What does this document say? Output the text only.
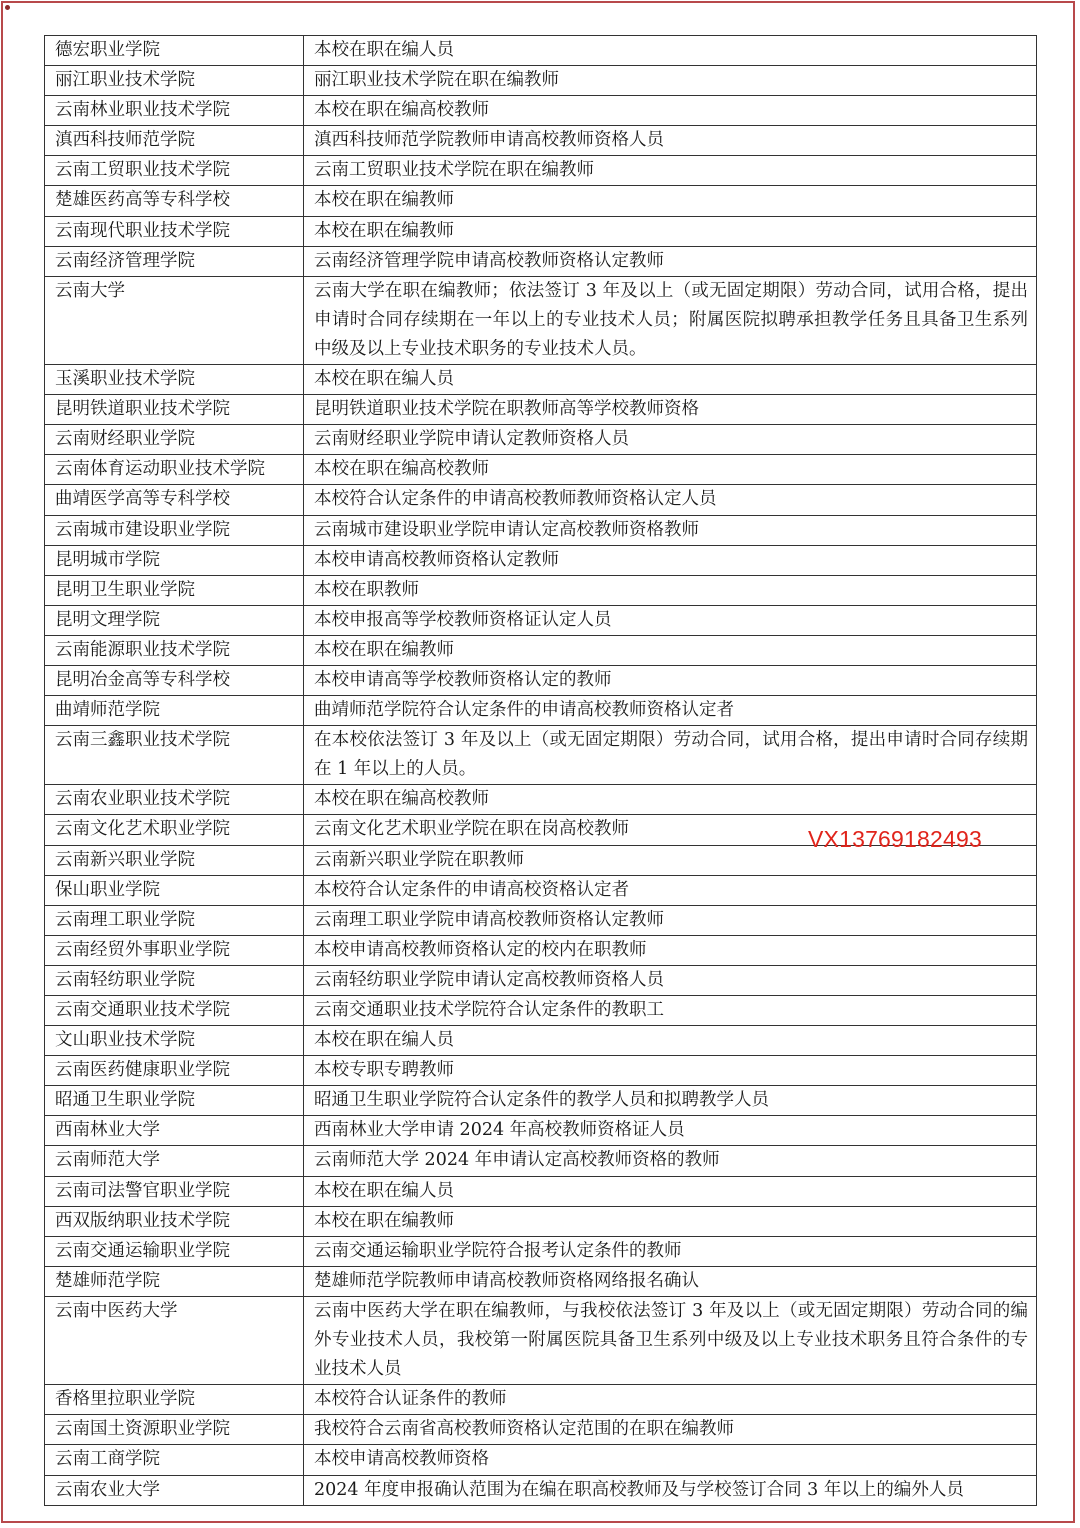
德宏职业学院	本校在职在编人员
丽江职业技术学院	丽江职业技术学院在职在编教师
云南林业职业技术学院	本校在职在编高校教师
滇西科技师范学院	滇西科技师范学院教师申请高校教师资格人员
云南工贸职业技术学院	云南工贸职业技术学院在职在编教师
楚雄医药高等专科学校	本校在职在编教师
云南现代职业技术学院	本校在职在编教师
云南经济管理学院	云南经济管理学院申请高校教师资格认定教师
云南大学	云南大学在职在编教师；依法签订 3 年及以上（或无固定期限）劳动合同，试用合格，提出申请时合同存续期在一年以上的专业技术人员；附属医院拟聘承担教学任务且具备卫生系列中级及以上专业技术职务的专业技术人员。
玉溪职业技术学院	本校在职在编人员
昆明铁道职业技术学院	昆明铁道职业技术学院在职教师高等学校教师资格
云南财经职业学院	云南财经职业学院申请认定教师资格人员
云南体育运动职业技术学院	本校在职在编高校教师
曲靖医学高等专科学校	本校符合认定条件的申请高校教师教师资格认定人员
云南城市建设职业学院	云南城市建设职业学院申请认定高校教师资格教师
昆明城市学院	本校申请高校教师资格认定教师
昆明卫生职业学院	本校在职教师
昆明文理学院	本校申报高等学校教师资格证认定人员
云南能源职业技术学院	本校在职在编教师
昆明冶金高等专科学校	本校申请高等学校教师资格认定的教师
曲靖师范学院	曲靖师范学院符合认定条件的申请高校教师资格认定者
云南三鑫职业技术学院	在本校依法签订 3 年及以上（或无固定期限）劳动合同，试用合格，提出申请时合同存续期在 1 年以上的人员。
云南农业职业技术学院	本校在职在编高校教师
云南文化艺术职业学院	云南文化艺术职业学院在职在岗高校教师
云南新兴职业学院	云南新兴职业学院在职教师
保山职业学院	本校符合认定条件的申请高校资格认定者
云南理工职业学院	云南理工职业学院申请高校教师资格认定教师
云南经贸外事职业学院	本校申请高校教师资格认定的校内在职教师
云南轻纺职业学院	云南轻纺职业学院申请认定高校教师资格人员
云南交通职业技术学院	云南交通职业技术学院符合认定条件的教职工
文山职业技术学院	本校在职在编人员
云南医药健康职业学院	本校专职专聘教师
昭通卫生职业学院	昭通卫生职业学院符合认定条件的教学人员和拟聘教学人员
西南林业大学	西南林业大学申请 2024 年高校教师资格证人员
云南师范大学	云南师范大学 2024 年申请认定高校教师资格的教师
云南司法警官职业学院	本校在职在编人员
西双版纳职业技术学院	本校在职在编教师
云南交通运输职业学院	云南交通运输职业学院符合报考认定条件的教师
楚雄师范学院	楚雄师范学院教师申请高校教师资格网络报名确认
云南中医药大学	云南中医药大学在职在编教师，与我校依法签订 3 年及以上（或无固定期限）劳动合同的编外专业技术人员，我校第一附属医院具备卫生系列中级及以上专业技术职务且符合条件的专业技术人员
香格里拉职业学院	本校符合认证条件的教师
云南国土资源职业学院	我校符合云南省高校教师资格认定范围的在职在编教师
云南工商学院	本校申请高校教师资格
云南农业大学	2024 年度申报确认范围为在编在职高校教师及与学校签订合同 3 年以上的编外人员
VX13769182493
